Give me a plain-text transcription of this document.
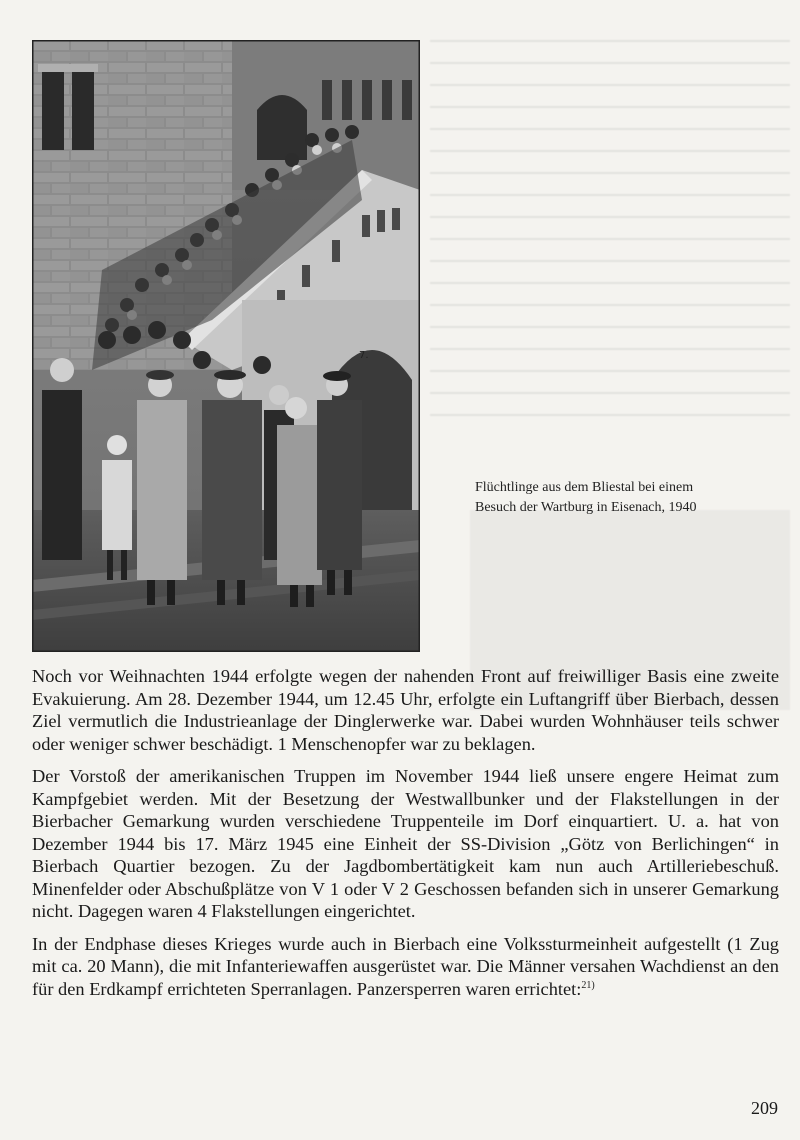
7.
Flüchtlinge aus dem Bliestal bei einem
Besuch der Wartburg in Eisenach, 1940

Noch vor Weihnachten 1944 erfolgte wegen der nahenden Front auf freiwilliger Basis eine zweite Evakuierung. Am 28. Dezember 1944, um 12.45 Uhr, erfolgte ein Luftangriff über Bierbach, dessen Ziel vermutlich die Industrieanlage der Dinglerwerke war. Dabei wurden Wohnhäuser teils schwer oder weniger schwer beschädigt. 1 Menschenopfer war zu beklagen.

Der Vorstoß der amerikanischen Truppen im November 1944 ließ unsere engere Heimat zum Kampfgebiet werden. Mit der Besetzung der Westwallbunker und der Flakstellungen in der Bierbacher Gemarkung wurden verschiedene Truppenteile im Dorf einquartiert. U. a. hat von Dezember 1944 bis 17. März 1945 eine Einheit der SS-Division „Götz von Berlichingen“ in Bierbach Quartier bezogen. Zu der Jagdbombertätigkeit kam nun auch Artilleriebeschuß. Minenfelder oder Abschußplätze von V 1 oder V 2 Geschossen befanden sich in unserer Gemarkung nicht. Dagegen waren 4 Flakstellungen eingerichtet.

In der Endphase dieses Krieges wurde auch in Bierbach eine Volkssturmeinheit aufgestellt (1 Zug mit ca. 20 Mann), die mit Infanteriewaffen ausgerüstet war. Die Männer versahen Wachdienst an den für den Erdkampf errichteten Sperranlagen. Panzersperren waren errichtet:$^{21)}$

209
